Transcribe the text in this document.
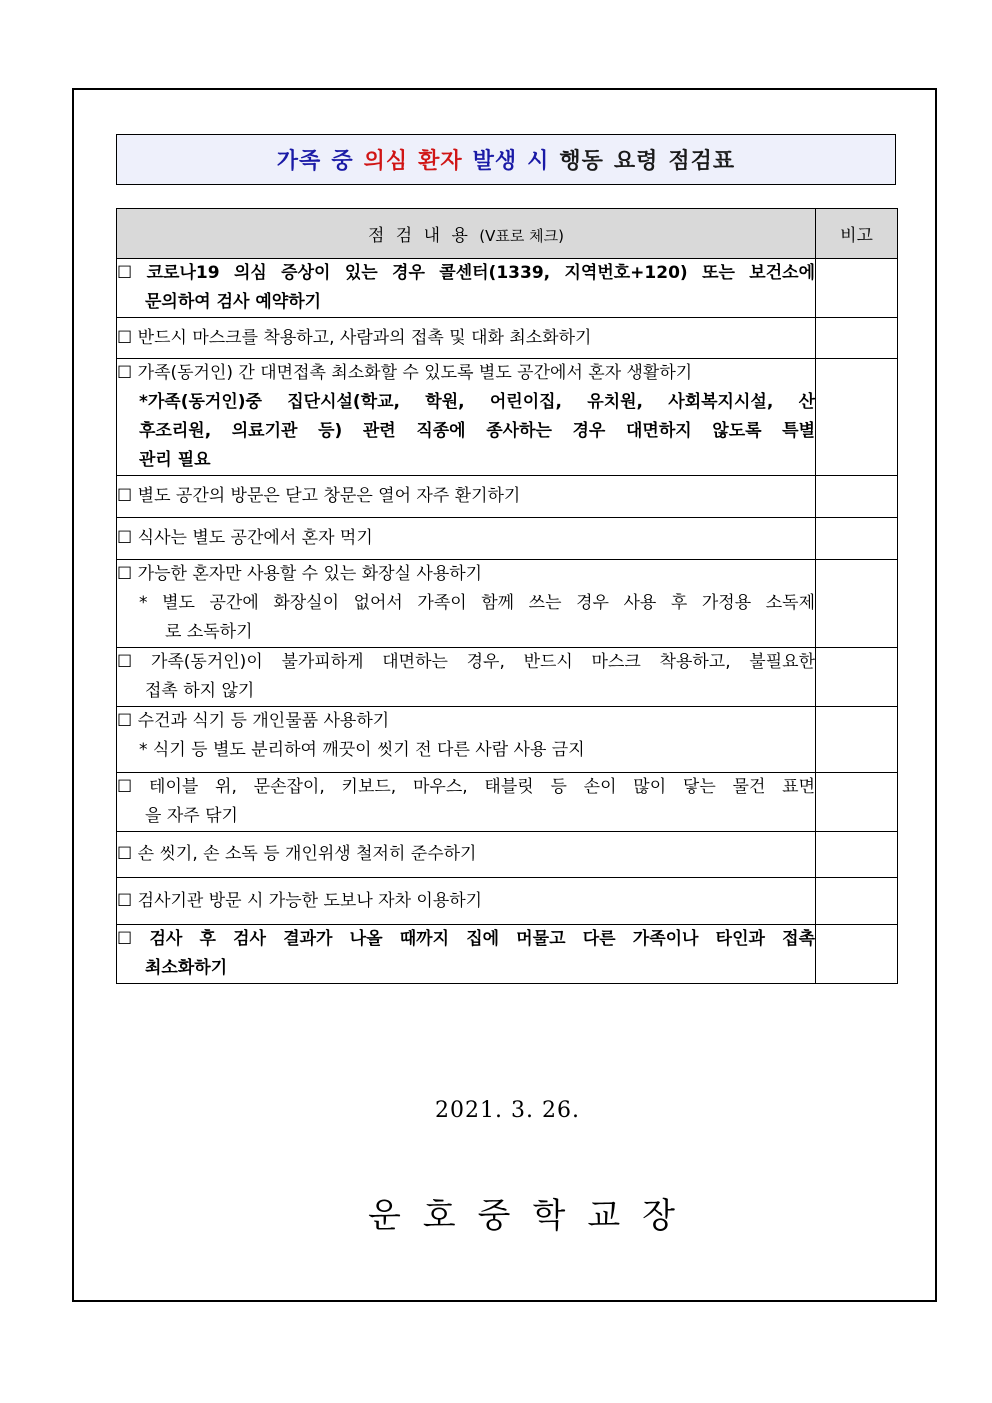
가족 중 의심 환자 발생 시 행동 요령 점검표
점 검 내 용 (V표로 체크)	비고

☐ 코로나19 의심 증상이 있는 경우 콜센터(1339, 지역번호+120) 또는 보건소에
문의하여 검사 예약하기	

☐ 반드시 마스크를 착용하고, 사람과의 접촉 및 대화 최소화하기	

☐ 가족(동거인) 간 대면접촉 최소화할 수 있도록 별도 공간에서 혼자 생활하기
*가족(동거인)중 집단시설(학교, 학원, 어린이집, 유치원, 사회복지시설, 산
후조리원, 의료기관 등) 관련 직종에 종사하는 경우 대면하지 않도록 특별
관리 필요	

☐ 별도 공간의 방문은 닫고 창문은 열어 자주 환기하기	

☐ 식사는 별도 공간에서 혼자 먹기	

☐ 가능한 혼자만 사용할 수 있는 화장실 사용하기
* 별도 공간에 화장실이 없어서 가족이 함께 쓰는 경우 사용 후 가정용 소독제
로 소독하기	

☐ 가족(동거인)이 불가피하게 대면하는 경우, 반드시 마스크 착용하고, 불필요한
접촉 하지 않기	

☐ 수건과 식기 등 개인물품 사용하기
* 식기 등 별도 분리하여 깨끗이 씻기 전 다른 사람 사용 금지	

☐ 테이블 위, 문손잡이, 키보드, 마우스, 태블릿 등 손이 많이 닿는 물건 표면
을 자주 닦기	

☐ 손 씻기, 손 소독 등 개인위생 철저히 준수하기	

☐ 검사기관 방문 시 가능한 도보나 자차 이용하기	

☐ 검사 후 검사 결과가 나올 때까지 집에 머물고 다른 가족이나 타인과 접촉
최소화하기	

2021. 3. 26.
운호중학교장
